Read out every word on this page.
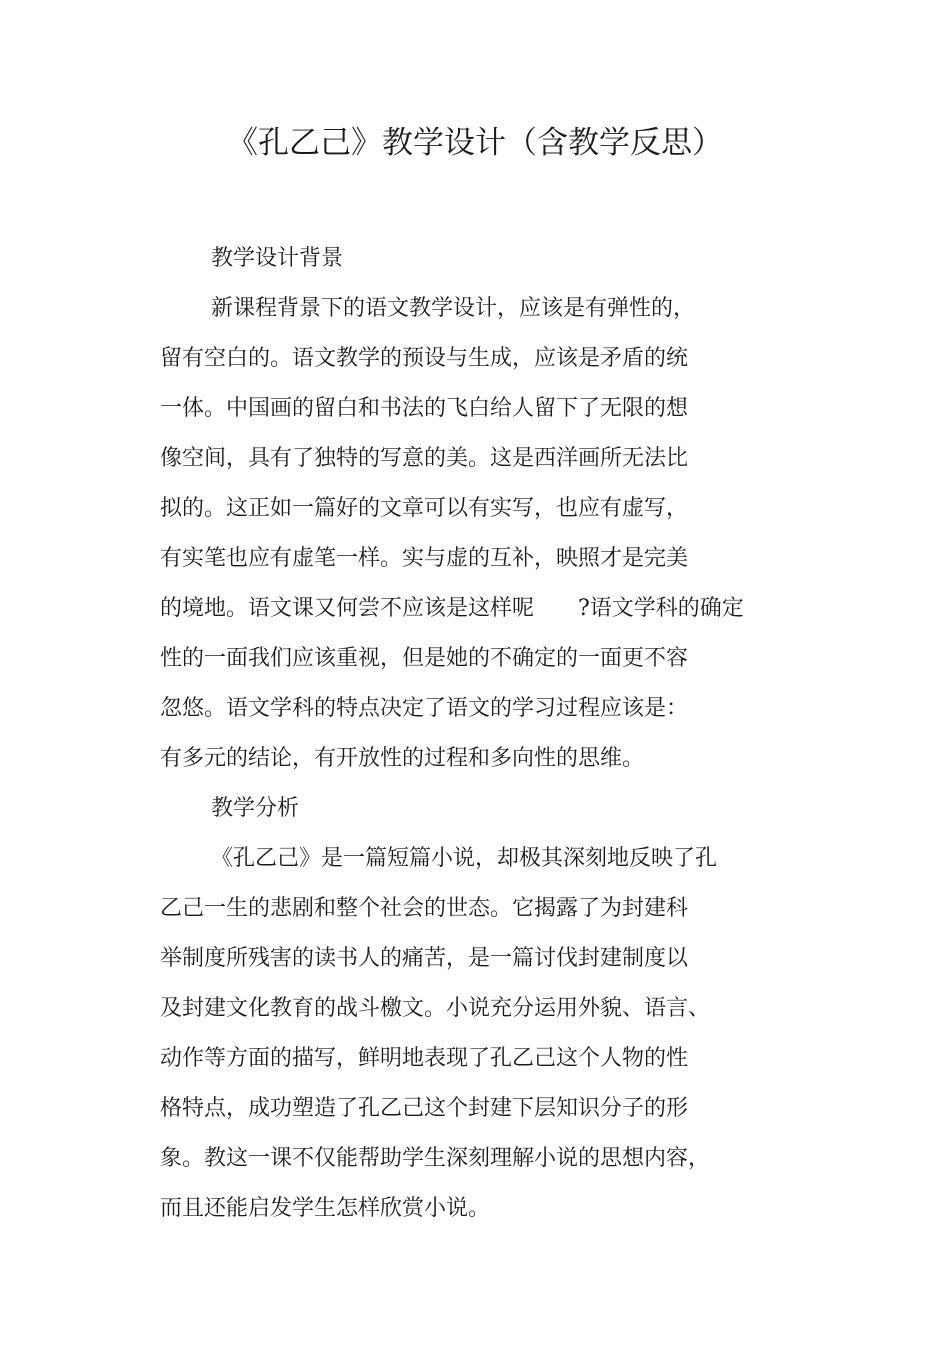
《孔乙己》教学设计（含教学反思）
教学设计背景
新课程背景下的语文教学设计，应该是有弹性的，
留有空白的。语文教学的预设与生成，应该是矛盾的统
一体。中国画的留白和书法的飞白给人留下了无限的想
像空间，具有了独特的写意的美。这是西洋画所无法比
拟的。这正如一篇好的文章可以有实写，也应有虚写，
有实笔也应有虚笔一样。实与虚的互补，映照才是完美
的境地。语文课又何尝不应该是这样呢　　?语文学科的确定
性的一面我们应该重视，但是她的不确定的一面更不容
忽悠。语文学科的特点决定了语文的学习过程应该是：
有多元的结论，有开放性的过程和多向性的思维。
教学分析
《孔乙己》是一篇短篇小说，却极其深刻地反映了孔
乙己一生的悲剧和整个社会的世态。它揭露了为封建科
举制度所残害的读书人的痛苦，是一篇讨伐封建制度以
及封建文化教育的战斗檄文。小说充分运用外貌、语言、
动作等方面的描写，鲜明地表现了孔乙己这个人物的性
格特点，成功塑造了孔乙己这个封建下层知识分子的形
象。教这一课不仅能帮助学生深刻理解小说的思想内容，
而且还能启发学生怎样欣赏小说。
